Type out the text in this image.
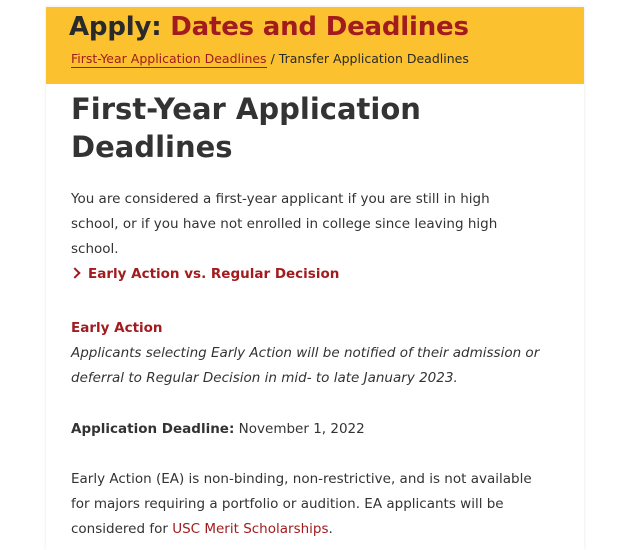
Apply: Dates and Deadlines
First-Year Application Deadlines / Transfer Application Deadlines
First-Year Application Deadlines

You are considered a first-year applicant if you are still in high school, or if you have not enrolled in college since leaving high school.

Early Action vs. Regular Decision
Early Action

Applicants selecting Early Action will be notified of their admission or deferral to Regular Decision in mid- to late January 2023.

Application Deadline: November 1, 2022

Early Action (EA) is non-binding, non-restrictive, and is not available for majors requiring a portfolio or audition. EA applicants will be considered for USC Merit Scholarships.
